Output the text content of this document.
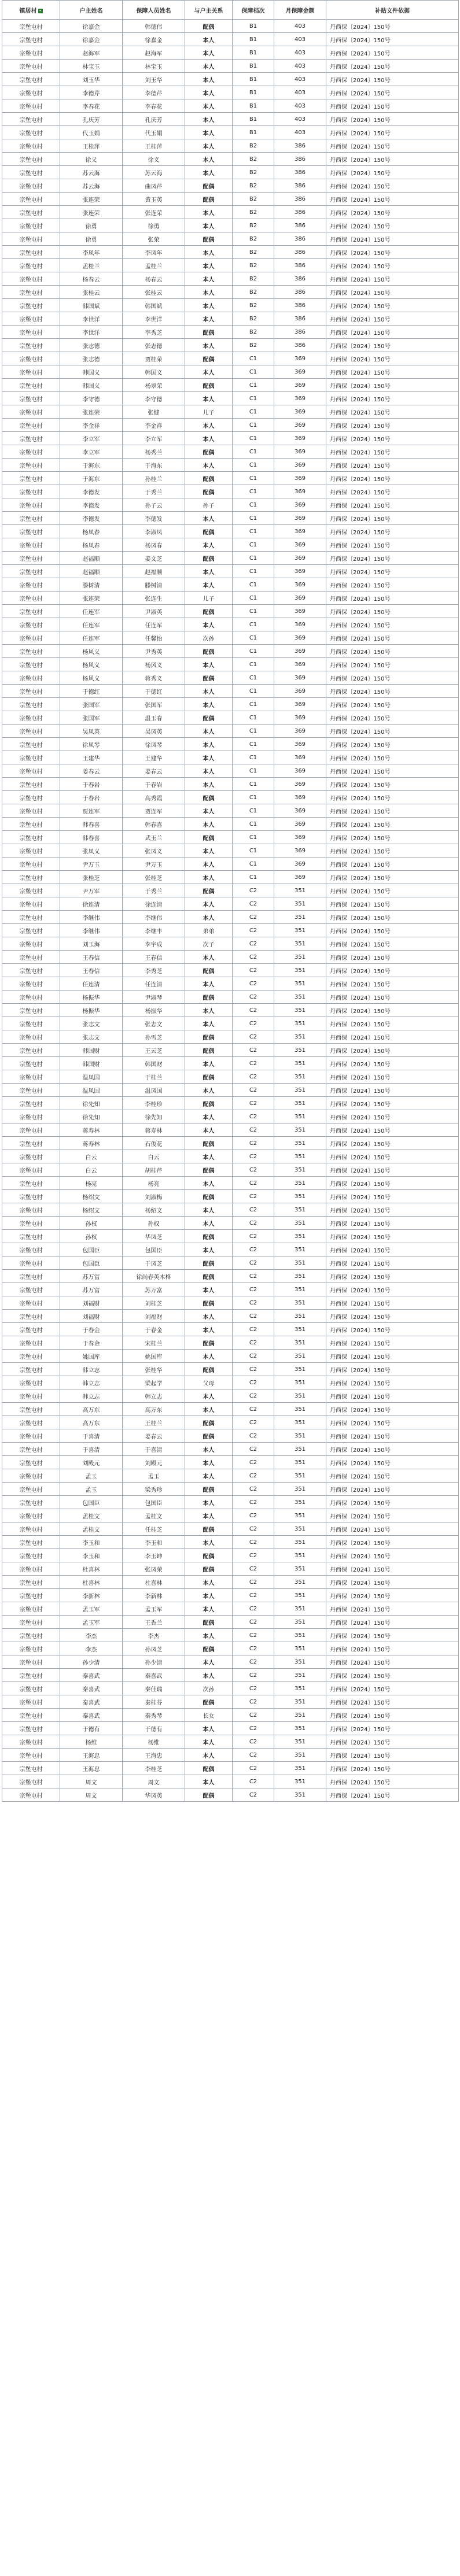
镇居村 ▾	户主姓名	保障人员姓名	与户主关系	保障档次	月保障金额	补贴文件依据
宗堡屯村	徐嘉金	韩德伟	配偶	B1	403	丹西保〔2024〕150号
宗堡屯村	徐嘉金	徐嘉金	本人	B1	403	丹西保〔2024〕150号
宗堡屯村	赵海军	赵海军	本人	B1	403	丹西保〔2024〕150号
宗堡屯村	林宝玉	林宝玉	本人	B1	403	丹西保〔2024〕150号
宗堡屯村	刘玉华	刘玉华	本人	B1	403	丹西保〔2024〕150号
宗堡屯村	李德芹	李德芹	本人	B1	403	丹西保〔2024〕150号
宗堡屯村	李春花	李春花	本人	B1	403	丹西保〔2024〕150号
宗堡屯村	孔庆芳	孔庆芳	本人	B1	403	丹西保〔2024〕150号
宗堡屯村	代玉娟	代玉娟	本人	B1	403	丹西保〔2024〕150号
宗堡屯村	王桂萍	王桂萍	本人	B2	386	丹西保〔2024〕150号
宗堡屯村	徐义	徐义	本人	B2	386	丹西保〔2024〕150号
宗堡屯村	苏云海	苏云海	本人	B2	386	丹西保〔2024〕150号
宗堡屯村	苏云海	曲凤芹	配偶	B2	386	丹西保〔2024〕150号
宗堡屯村	张连荣	黄玉英	配偶	B2	386	丹西保〔2024〕150号
宗堡屯村	张连荣	张连荣	本人	B2	386	丹西保〔2024〕150号
宗堡屯村	徐勇	徐勇	本人	B2	386	丹西保〔2024〕150号
宗堡屯村	徐勇	张荣	配偶	B2	386	丹西保〔2024〕150号
宗堡屯村	李凤年	李凤年	本人	B2	386	丹西保〔2024〕150号
宗堡屯村	孟桂兰	孟桂兰	本人	B2	386	丹西保〔2024〕150号
宗堡屯村	杨春云	杨春云	本人	B2	386	丹西保〔2024〕150号
宗堡屯村	张桂云	张桂云	本人	B2	386	丹西保〔2024〕150号
宗堡屯村	韩国斌	韩国斌	本人	B2	386	丹西保〔2024〕150号
宗堡屯村	李世洋	李世洋	本人	B2	386	丹西保〔2024〕150号
宗堡屯村	李世洋	李秀芝	配偶	B2	386	丹西保〔2024〕150号
宗堡屯村	张志德	张志德	本人	B2	386	丹西保〔2024〕150号
宗堡屯村	张志德	贾桂荣	配偶	C1	369	丹西保〔2024〕150号
宗堡屯村	韩国义	韩国义	本人	C1	369	丹西保〔2024〕150号
宗堡屯村	韩国义	杨翠荣	配偶	C1	369	丹西保〔2024〕150号
宗堡屯村	李守德	李守德	本人	C1	369	丹西保〔2024〕150号
宗堡屯村	张连荣	张健	儿子	C1	369	丹西保〔2024〕150号
宗堡屯村	李金祥	李金祥	本人	C1	369	丹西保〔2024〕150号
宗堡屯村	李立军	李立军	本人	C1	369	丹西保〔2024〕150号
宗堡屯村	李立军	杨秀兰	配偶	C1	369	丹西保〔2024〕150号
宗堡屯村	于海东	于海东	本人	C1	369	丹西保〔2024〕150号
宗堡屯村	于海东	孙桂兰	配偶	C1	369	丹西保〔2024〕150号
宗堡屯村	李德发	于秀兰	配偶	C1	369	丹西保〔2024〕150号
宗堡屯村	李德发	孙子云	孙子	C1	369	丹西保〔2024〕150号
宗堡屯村	李德发	李德发	本人	C1	369	丹西保〔2024〕150号
宗堡屯村	杨凤春	李淑凤	配偶	C1	369	丹西保〔2024〕150号
宗堡屯村	杨凤春	杨凤春	本人	C1	369	丹西保〔2024〕150号
宗堡屯村	赵福顺	姜文芝	配偶	C1	369	丹西保〔2024〕150号
宗堡屯村	赵福顺	赵福顺	本人	C1	369	丹西保〔2024〕150号
宗堡屯村	滕树清	滕树清	本人	C1	369	丹西保〔2024〕150号
宗堡屯村	张连荣	张连生	儿子	C1	369	丹西保〔2024〕150号
宗堡屯村	任连军	尹淑英	配偶	C1	369	丹西保〔2024〕150号
宗堡屯村	任连军	任连军	本人	C1	369	丹西保〔2024〕150号
宗堡屯村	任连军	任馨怡	次孙	C1	369	丹西保〔2024〕150号
宗堡屯村	杨风义	尹秀英	配偶	C1	369	丹西保〔2024〕150号
宗堡屯村	杨风义	杨风义	本人	C1	369	丹西保〔2024〕150号
宗堡屯村	杨风义	蒋秀义	配偶	C1	369	丹西保〔2024〕150号
宗堡屯村	于德红	于德红	本人	C1	369	丹西保〔2024〕150号
宗堡屯村	张国军	张国军	本人	C1	369	丹西保〔2024〕150号
宗堡屯村	张国军	温玉春	配偶	C1	369	丹西保〔2024〕150号
宗堡屯村	吴凤英	吴凤英	本人	C1	369	丹西保〔2024〕150号
宗堡屯村	徐凤琴	徐凤琴	本人	C1	369	丹西保〔2024〕150号
宗堡屯村	王建华	王建华	本人	C1	369	丹西保〔2024〕150号
宗堡屯村	姜春云	姜春云	本人	C1	369	丹西保〔2024〕150号
宗堡屯村	于春岩	于春岩	本人	C1	369	丹西保〔2024〕150号
宗堡屯村	于春岩	高秀霞	配偶	C1	369	丹西保〔2024〕150号
宗堡屯村	贾连军	贾连军	本人	C1	369	丹西保〔2024〕150号
宗堡屯村	韩春喜	韩春喜	本人	C1	369	丹西保〔2024〕150号
宗堡屯村	韩春喜	武玉兰	配偶	C1	369	丹西保〔2024〕150号
宗堡屯村	张凤义	张凤义	本人	C1	369	丹西保〔2024〕150号
宗堡屯村	尹万玉	尹万玉	本人	C1	369	丹西保〔2024〕150号
宗堡屯村	张桂芝	张桂芝	本人	C1	369	丹西保〔2024〕150号
宗堡屯村	尹万军	于秀兰	配偶	C2	351	丹西保〔2024〕150号
宗堡屯村	徐连清	徐连清	本人	C2	351	丹西保〔2024〕150号
宗堡屯村	李继伟	李继伟	本人	C2	351	丹西保〔2024〕150号
宗堡屯村	李继伟	李继丰	弟弟	C2	351	丹西保〔2024〕150号
宗堡屯村	刘玉海	李宇成	次子	C2	351	丹西保〔2024〕150号
宗堡屯村	王春信	王春信	本人	C2	351	丹西保〔2024〕150号
宗堡屯村	王春信	李秀芝	配偶	C2	351	丹西保〔2024〕150号
宗堡屯村	任连清	任连清	本人	C2	351	丹西保〔2024〕150号
宗堡屯村	杨振华	尹淑琴	配偶	C2	351	丹西保〔2024〕150号
宗堡屯村	杨振华	杨振华	本人	C2	351	丹西保〔2024〕150号
宗堡屯村	张志文	张志文	本人	C2	351	丹西保〔2024〕150号
宗堡屯村	张志文	孙雪芝	配偶	C2	351	丹西保〔2024〕150号
宗堡屯村	韩国财	王云芝	配偶	C2	351	丹西保〔2024〕150号
宗堡屯村	韩国财	韩国财	本人	C2	351	丹西保〔2024〕150号
宗堡屯村	温凤国	于桂兰	配偶	C2	351	丹西保〔2024〕150号
宗堡屯村	温凤国	温凤国	本人	C2	351	丹西保〔2024〕150号
宗堡屯村	徐先知	李桂珍	配偶	C2	351	丹西保〔2024〕150号
宗堡屯村	徐先知	徐先知	本人	C2	351	丹西保〔2024〕150号
宗堡屯村	蒋寿林	蒋寿林	本人	C2	351	丹西保〔2024〕150号
宗堡屯村	蒋寿林	石俊花	配偶	C2	351	丹西保〔2024〕150号
宗堡屯村	白云	白云	本人	C2	351	丹西保〔2024〕150号
宗堡屯村	白云	胡桂芹	配偶	C2	351	丹西保〔2024〕150号
宗堡屯村	杨亮	杨亮	本人	C2	351	丹西保〔2024〕150号
宗堡屯村	杨绍文	刘淑梅	配偶	C2	351	丹西保〔2024〕150号
宗堡屯村	杨绍文	杨绍文	本人	C2	351	丹西保〔2024〕150号
宗堡屯村	孙权	孙权	本人	C2	351	丹西保〔2024〕150号
宗堡屯村	孙权	华凤芝	配偶	C2	351	丹西保〔2024〕150号
宗堡屯村	包国臣	包国臣	本人	C2	351	丹西保〔2024〕150号
宗堡屯村	包国臣	于凤芝	配偶	C2	351	丹西保〔2024〕150号
宗堡屯村	苏万富	徐尚春英木格	配偶	C2	351	丹西保〔2024〕150号
宗堡屯村	苏万富	苏万富	本人	C2	351	丹西保〔2024〕150号
宗堡屯村	刘福财	刘桂芝	配偶	C2	351	丹西保〔2024〕150号
宗堡屯村	刘福财	刘福财	本人	C2	351	丹西保〔2024〕150号
宗堡屯村	于春金	于春金	本人	C2	351	丹西保〔2024〕150号
宗堡屯村	于春金	宋桂兰	配偶	C2	351	丹西保〔2024〕150号
宗堡屯村	姚国库	姚国库	本人	C2	351	丹西保〔2024〕150号
宗堡屯村	韩立志	张桂华	配偶	C2	351	丹西保〔2024〕150号
宗堡屯村	韩立志	梁起学	父母	C2	351	丹西保〔2024〕150号
宗堡屯村	韩立志	韩立志	本人	C2	351	丹西保〔2024〕150号
宗堡屯村	高万东	高万东	本人	C2	351	丹西保〔2024〕150号
宗堡屯村	高万东	王桂兰	配偶	C2	351	丹西保〔2024〕150号
宗堡屯村	于喜清	姜春云	配偶	C2	351	丹西保〔2024〕150号
宗堡屯村	于喜清	于喜清	本人	C2	351	丹西保〔2024〕150号
宗堡屯村	刘殿元	刘殿元	本人	C2	351	丹西保〔2024〕150号
宗堡屯村	孟玉	孟玉	本人	C2	351	丹西保〔2024〕150号
宗堡屯村	孟玉	梁秀珍	配偶	C2	351	丹西保〔2024〕150号
宗堡屯村	包国臣	包国臣	本人	C2	351	丹西保〔2024〕150号
宗堡屯村	孟桂文	孟桂文	本人	C2	351	丹西保〔2024〕150号
宗堡屯村	孟桂文	任桂芝	配偶	C2	351	丹西保〔2024〕150号
宗堡屯村	李玉和	李玉和	本人	C2	351	丹西保〔2024〕150号
宗堡屯村	李玉和	李玉坤	配偶	C2	351	丹西保〔2024〕150号
宗堡屯村	杜喜林	张凤荣	配偶	C2	351	丹西保〔2024〕150号
宗堡屯村	杜喜林	杜喜林	本人	C2	351	丹西保〔2024〕150号
宗堡屯村	李新林	李新林	本人	C2	351	丹西保〔2024〕150号
宗堡屯村	孟玉军	孟玉军	本人	C2	351	丹西保〔2024〕150号
宗堡屯村	孟玉军	王香兰	配偶	C2	351	丹西保〔2024〕150号
宗堡屯村	李杰	李杰	本人	C2	351	丹西保〔2024〕150号
宗堡屯村	李杰	孙凤芝	配偶	C2	351	丹西保〔2024〕150号
宗堡屯村	孙少清	孙少清	本人	C2	351	丹西保〔2024〕150号
宗堡屯村	秦喜武	秦喜武	本人	C2	351	丹西保〔2024〕150号
宗堡屯村	秦喜武	秦佳瑞	次孙	C2	351	丹西保〔2024〕150号
宗堡屯村	秦喜武	秦桂芬	配偶	C2	351	丹西保〔2024〕150号
宗堡屯村	秦喜武	秦秀琴	长女	C2	351	丹西保〔2024〕150号
宗堡屯村	于德有	于德有	本人	C2	351	丹西保〔2024〕150号
宗堡屯村	杨维	杨维	本人	C2	351	丹西保〔2024〕150号
宗堡屯村	王海忠	王海忠	本人	C2	351	丹西保〔2024〕150号
宗堡屯村	王海忠	李桂芝	配偶	C2	351	丹西保〔2024〕150号
宗堡屯村	周文	周文	本人	C2	351	丹西保〔2024〕150号
宗堡屯村	周文	华凤英	配偶	C2	351	丹西保〔2024〕150号
